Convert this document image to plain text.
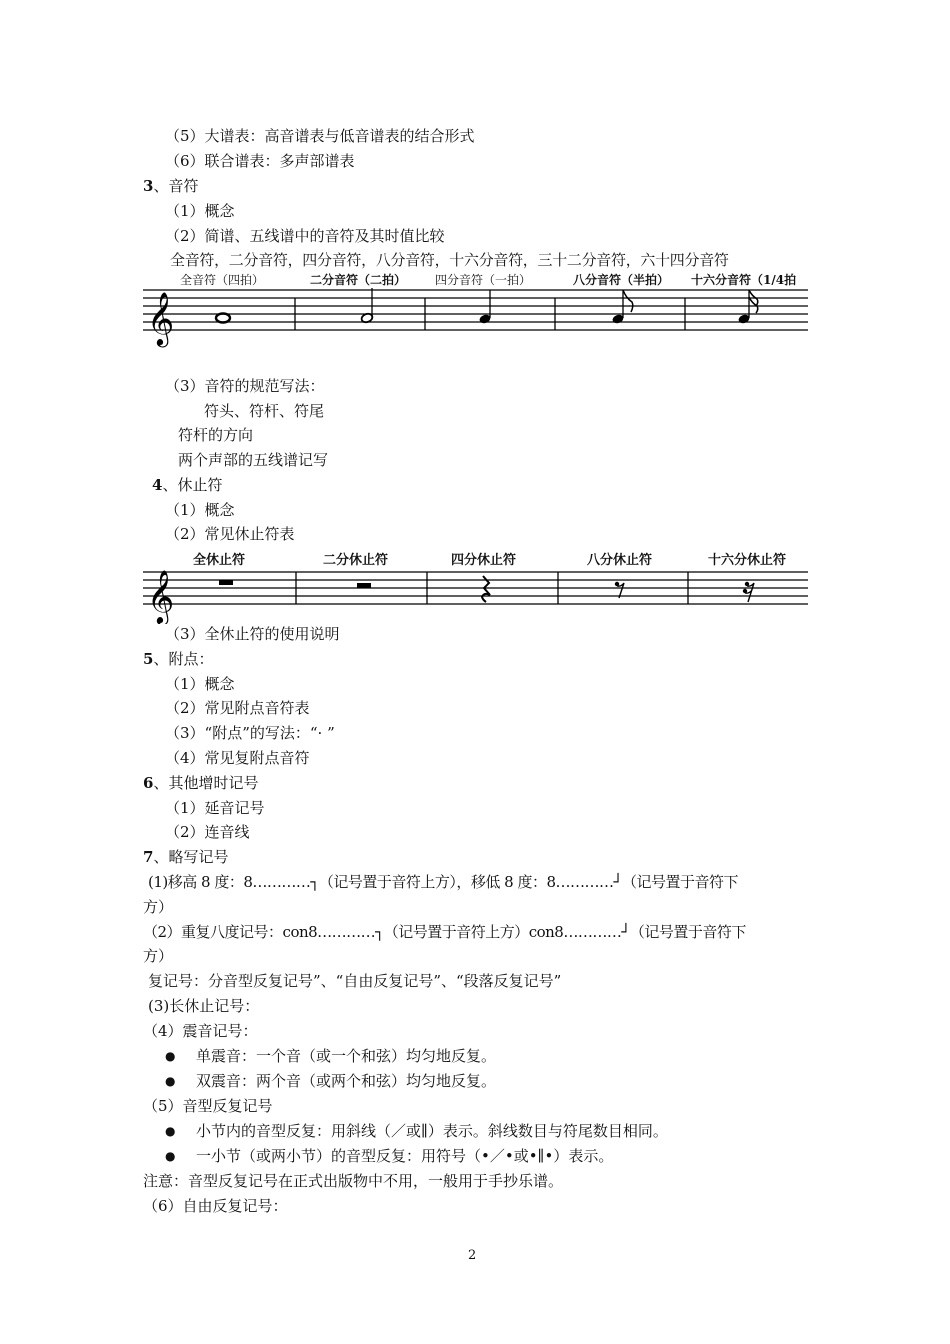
（5）大谱表：高音谱表与低音谱表的结合形式
（6）联合谱表：多声部谱表
3、音符
（1）概念
（2）简谱、五线谱中的音符及其时值比较
全音符，二分音符，四分音符，八分音符，十六分音符，三十二分音符，六十四分音符
全音符（四拍）	二分音符（二拍） 四分音符（一拍）	八分音符（半拍） 十六分音符（1/4拍
𝄞
（3）音符的规范写法：
符头、符杆、符尾
符杆的方向
两个声部的五线谱记写
4、休止符
（1）概念
（2）常见休止符表
全休止符	二分休止符	四分休止符	八分休止符	十六分休止符
𝄞
（3）全休止符的使用说明
5、附点：
（1）概念
（2）常见附点音符表
（3）“附点”的写法：“· ”
（4）常见复附点音符
6、其他增时记号
（1）延音记号
（2）连音线
7、略写记号
(1)移高 8 度：8…………┐（记号置于音符上方），移低 8 度：8…………┘（记号置于音符下
方）
（2）重复八度记号：con8…………┐（记号置于音符上方）con8…………┘（记号置于音符下
方）
复记号：分音型反复记号”、“自由反复记号”、“段落反复记号”
(3)长休止记号：
（4）震音记号：
● 单震音：一个音（或一个和弦）均匀地反复。
● 双震音：两个音（或两个和弦）均匀地反复。
（5）音型反复记号
● 小节内的音型反复：用斜线（／或∥）表示。斜线数目与符尾数目相同。
● 一小节（或两小节）的音型反复：用符号（•／•或•∥•）表示。
注意：音型反复记号在正式出版物中不用，一般用于手抄乐谱。
（6）自由反复记号：
2
